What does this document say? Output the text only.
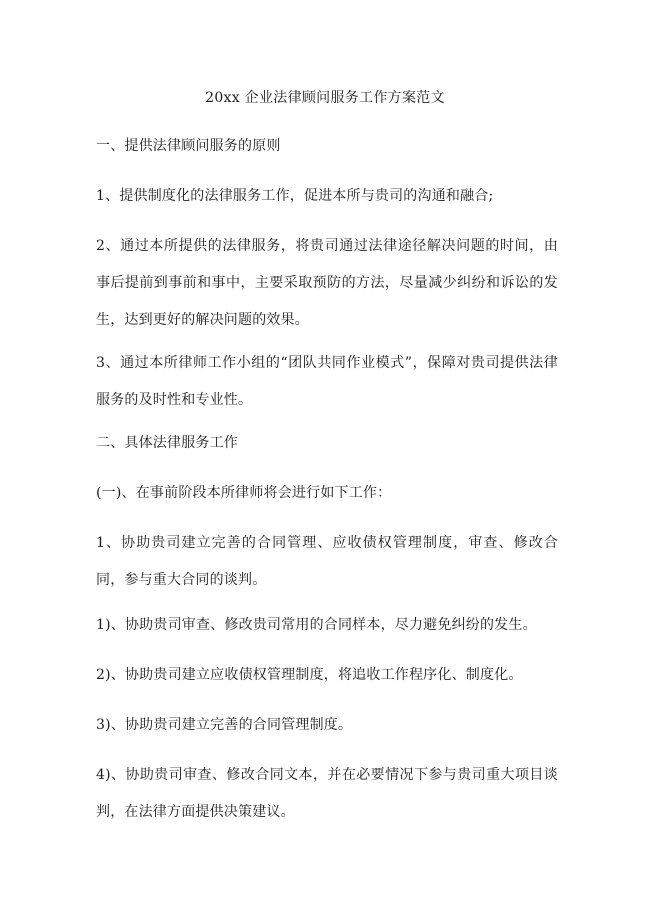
20xx 企业法律顾问服务工作方案范文

一、提供法律顾问服务的原则

1、提供制度化的法律服务工作，促进本所与贵司的沟通和融合;

2、通过本所提供的法律服务，将贵司通过法律途径解决问题的时间，由事后提前到事前和事中，主要采取预防的方法，尽量减少纠纷和诉讼的发生，达到更好的解决问题的效果。

3、通过本所律师工作小组的“团队共同作业模式”，保障对贵司提供法律服务的及时性和专业性。

二、具体法律服务工作

(一)、在事前阶段本所律师将会进行如下工作：

1、协助贵司建立完善的合同管理、应收债权管理制度，审查、修改合同，参与重大合同的谈判。

1)、协助贵司审查、修改贵司常用的合同样本，尽力避免纠纷的发生。

2)、协助贵司建立应收债权管理制度，将追收工作程序化、制度化。

3)、协助贵司建立完善的合同管理制度。

4)、协助贵司审查、修改合同文本，并在必要情况下参与贵司重大项目谈判，在法律方面提供决策建议。
